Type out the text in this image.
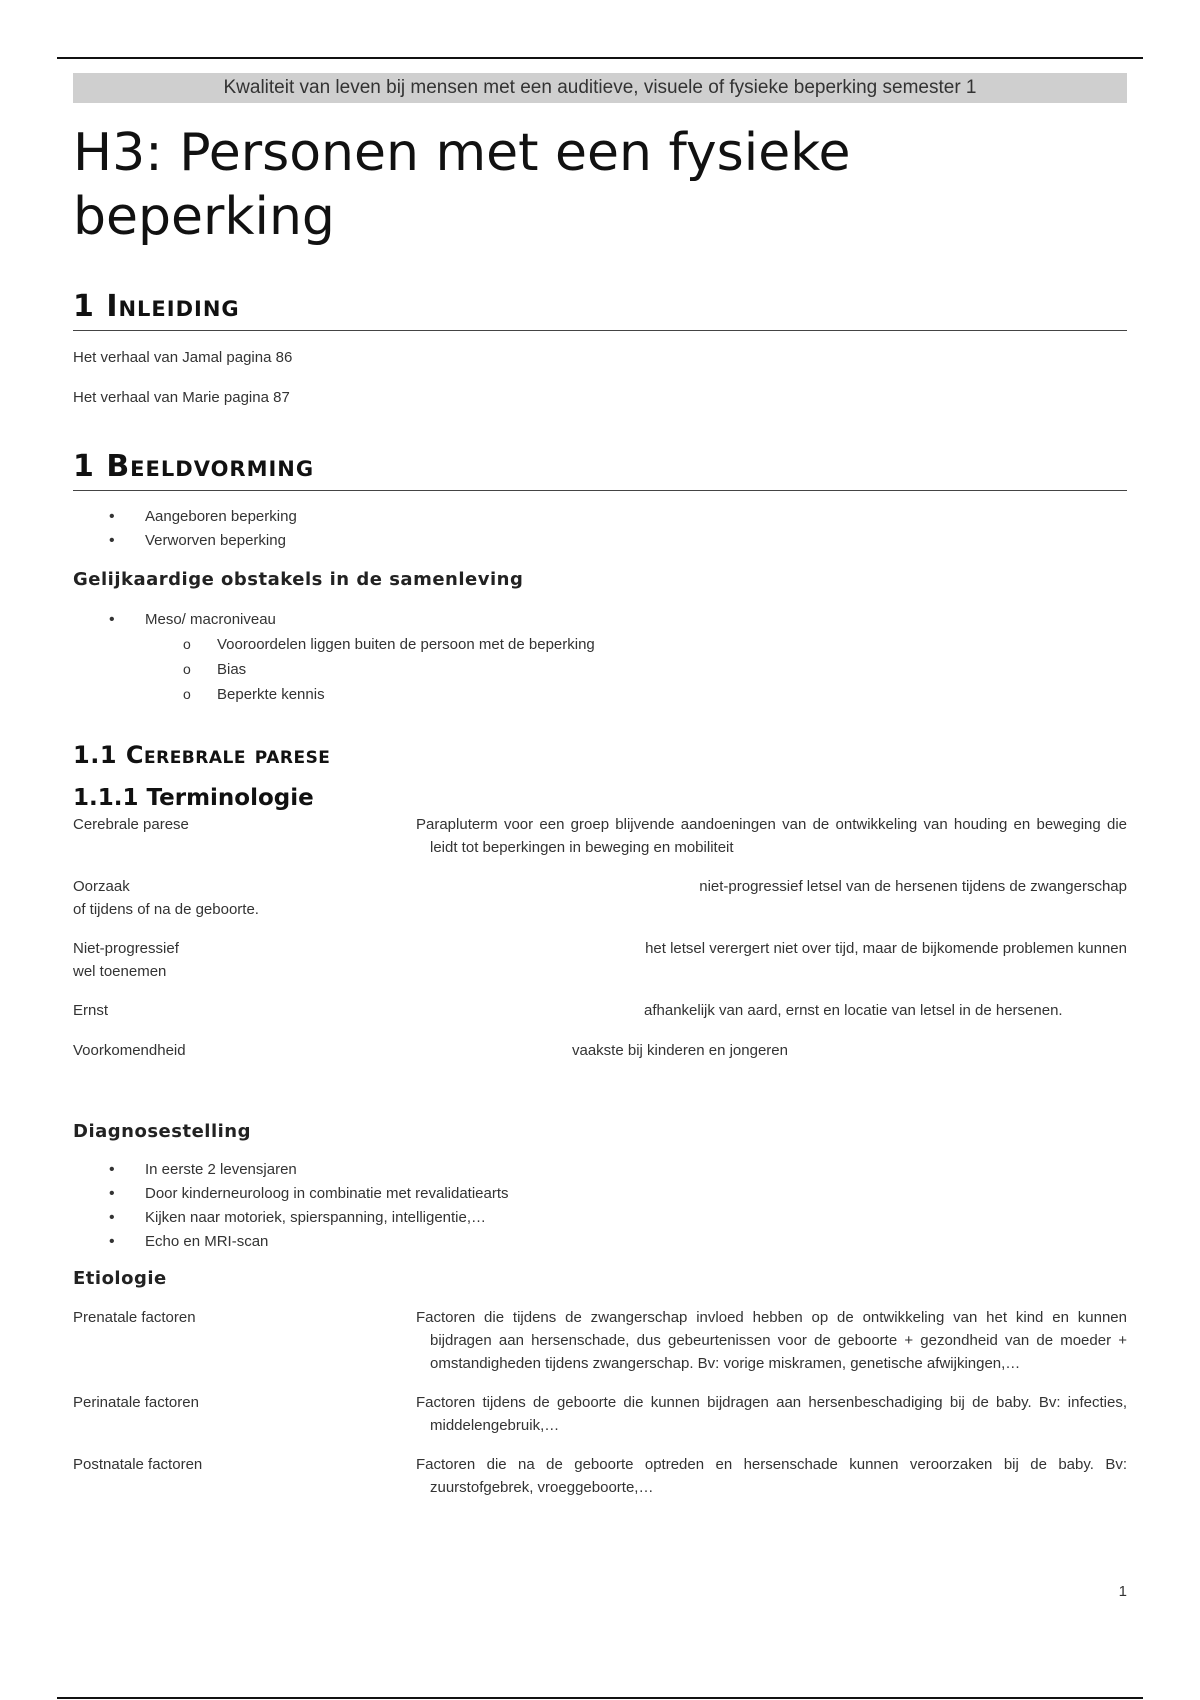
Kwaliteit van leven bij mensen met een auditieve, visuele of fysieke beperking semester 1
H3: Personen met een fysieke beperking
1 Inleiding

Het verhaal van Jamal pagina 86

Het verhaal van Marie pagina 87

1 Beeldvorming
• Aangeboren beperking
• Verworven beperking
Gelijkaardige obstakels in de samenleving
• Meso/ macroniveau
o Vooroordelen liggen buiten de persoon met de beperking
o Bias
o Beperkte kennis
1.1 Cerebrale parese
1.1.1 Terminologie
Cerebrale parese	Parapluterm voor een groep blijvende aandoeningen van de ontwikkeling van houding en beweging die leidt tot beperkingen in beweging en mobiliteit
Oorzaak	niet-progressief letsel van de hersenen tijdens de zwangerschap
of tijdens of na de geboorte.
Niet-progressief	het letsel verergert niet over tijd, maar de bijkomende problemen kunnen
wel toenemen
Ernst	afhankelijk van aard, ernst en locatie van letsel in de hersenen.
Voorkomendheid	vaakste bij kinderen en jongeren
Diagnosestelling
• In eerste 2 levensjaren
• Door kinderneuroloog in combinatie met revalidatiearts
• Kijken naar motoriek, spierspanning, intelligentie,…
• Echo en MRI-scan
Etiologie
Prenatale factoren	Factoren die tijdens de zwangerschap invloed hebben op de ontwikkeling van het kind en kunnen bijdragen aan hersenschade, dus gebeurtenissen voor de geboorte + gezondheid van de moeder + omstandigheden tijdens zwangerschap. Bv: vorige miskramen, genetische afwijkingen,…
Perinatale factoren	Factoren tijdens de geboorte die kunnen bijdragen aan hersenbeschadiging bij de baby. Bv: infecties, middelengebruik,…
Postnatale factoren	Factoren die na de geboorte optreden en hersenschade kunnen veroorzaken bij de baby. Bv: zuurstofgebrek, vroeggeboorte,…
1
